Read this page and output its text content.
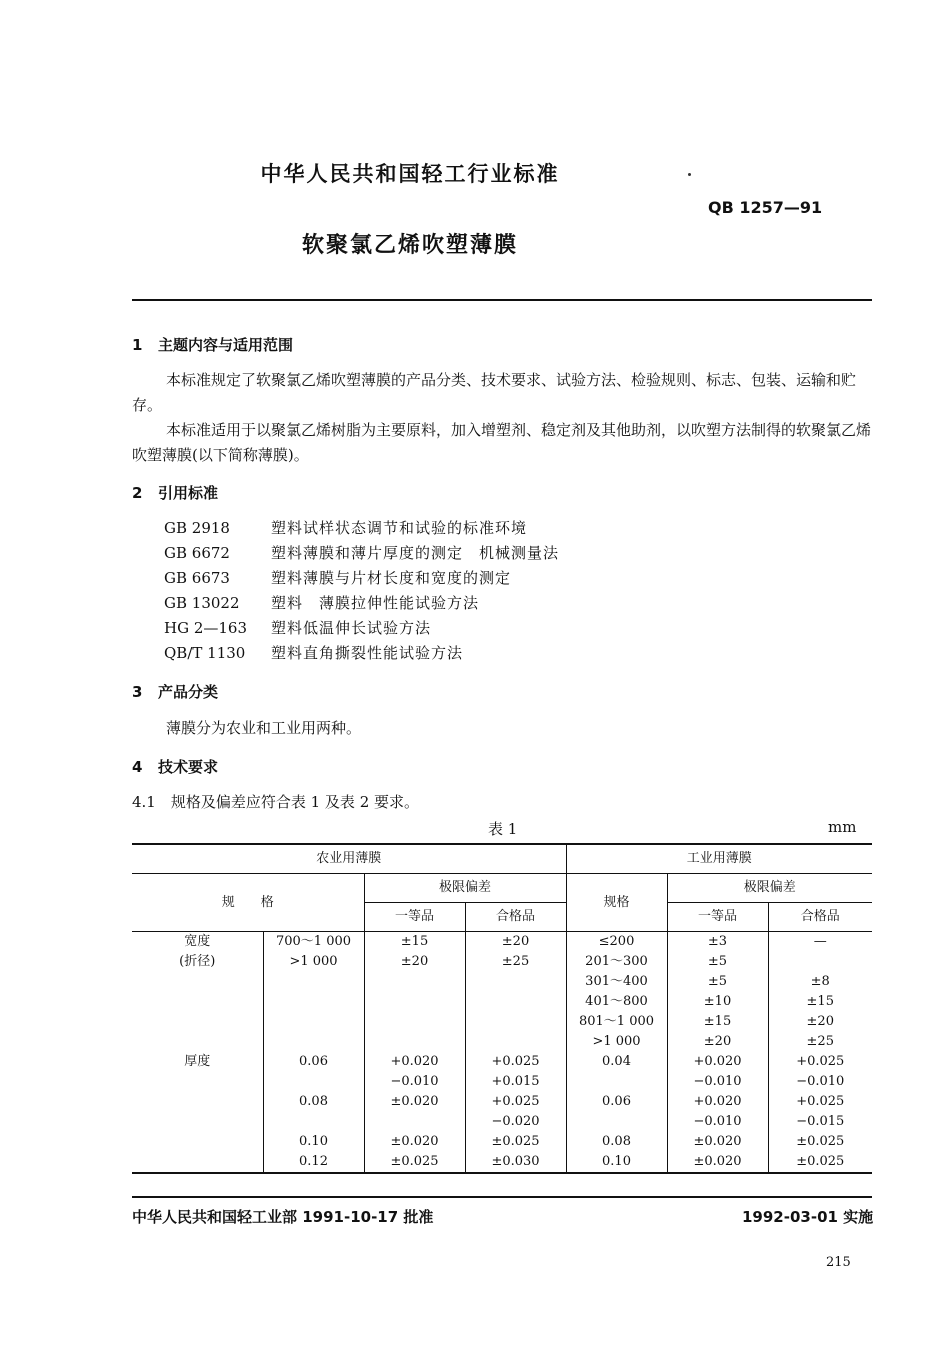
中华人民共和国轻工行业标准
QB 1257—91
软聚氯乙烯吹塑薄膜
1 主题内容与适用范围

本标准规定了软聚氯乙烯吹塑薄膜的产品分类、技术要求、试验方法、检验规则、标志、包装、运输和贮存。

本标准适用于以聚氯乙烯树脂为主要原料，加入增塑剂、稳定剂及其他助剂，以吹塑方法制得的软聚氯乙烯吹塑薄膜(以下简称薄膜)。

2 引用标准
GB 2918	塑料试样状态调节和试验的标准环境
GB 6672	塑料薄膜和薄片厚度的测定　机械测量法
GB 6673	塑料薄膜与片材长度和宽度的测定
GB 13022 塑料　薄膜拉伸性能试验方法
HG 2—163 塑料低温伸长试验方法
QB/T 1130 塑料直角撕裂性能试验方法
3 产品分类
薄膜分为农业和工业用两种。
4 技术要求
4.1　规格及偏差应符合表 1 及表 2 要求。
表 1	mm
农业用薄膜				工业用薄膜		
规　　格		极限偏差		规格	极限偏差	
		一等品	合格品		一等品	合格品
宽度	700～1 000	±15	±20	≤200	±3	—
(折径)	>1 000	±20	±25	201～300	±5	
				301～400	±5	±8
				401～800	±10	±15
				801～1 000	±15	±20
				>1 000	±20	±25
厚度	0.06	+0.020	+0.025	0.04	+0.020	+0.025
		−0.010	+0.015		−0.010	−0.010
	0.08	±0.020	+0.025	0.06	+0.020	+0.025
			−0.020		−0.010	−0.015
	0.10	±0.020	±0.025	0.08	±0.020	±0.025
	0.12	±0.025	±0.030	0.10	±0.020	±0.025
中华人民共和国轻工业部 1991-10-17 批准	1992-03-01 实施
215
